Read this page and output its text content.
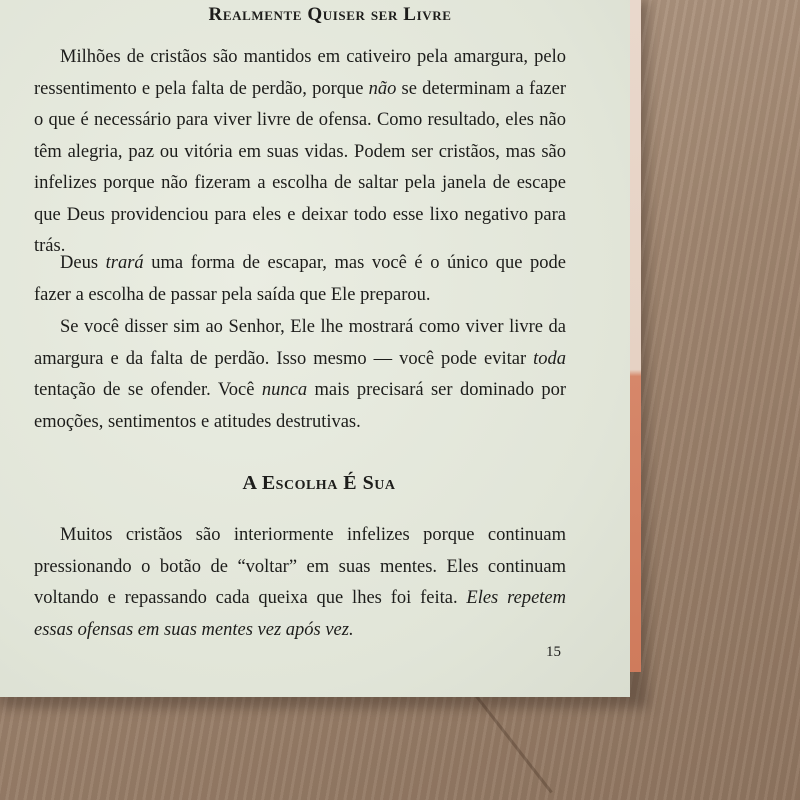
Realmente Quiser ser Livre

Milhões de cristãos são mantidos em cativeiro pela amargura, pelo ressentimento e pela falta de perdão, porque não se determinam a fazer o que é necessário para viver livre de ofensa. Como resultado, eles não têm alegria, paz ou vitória em suas vidas. Podem ser cristãos, mas são infelizes porque não fizeram a escolha de saltar pela janela de escape que Deus providenciou para eles e deixar todo esse lixo negativo para trás.

Deus trará uma forma de escapar, mas você é o único que pode fazer a escolha de passar pela saída que Ele preparou.

Se você disser sim ao Senhor, Ele lhe mostrará como viver livre da amargura e da falta de perdão. Isso mesmo — você pode evitar toda tentação de se ofender. Você nunca mais precisará ser dominado por emoções, sentimentos e atitudes destrutivas.

A Escolha É Sua

Muitos cristãos são interiormente infelizes porque continuam pressionando o botão de “voltar” em suas mentes. Eles continuam voltando e repassando cada queixa que lhes foi feita. Eles repetem essas ofensas em suas mentes vez após vez.

15
